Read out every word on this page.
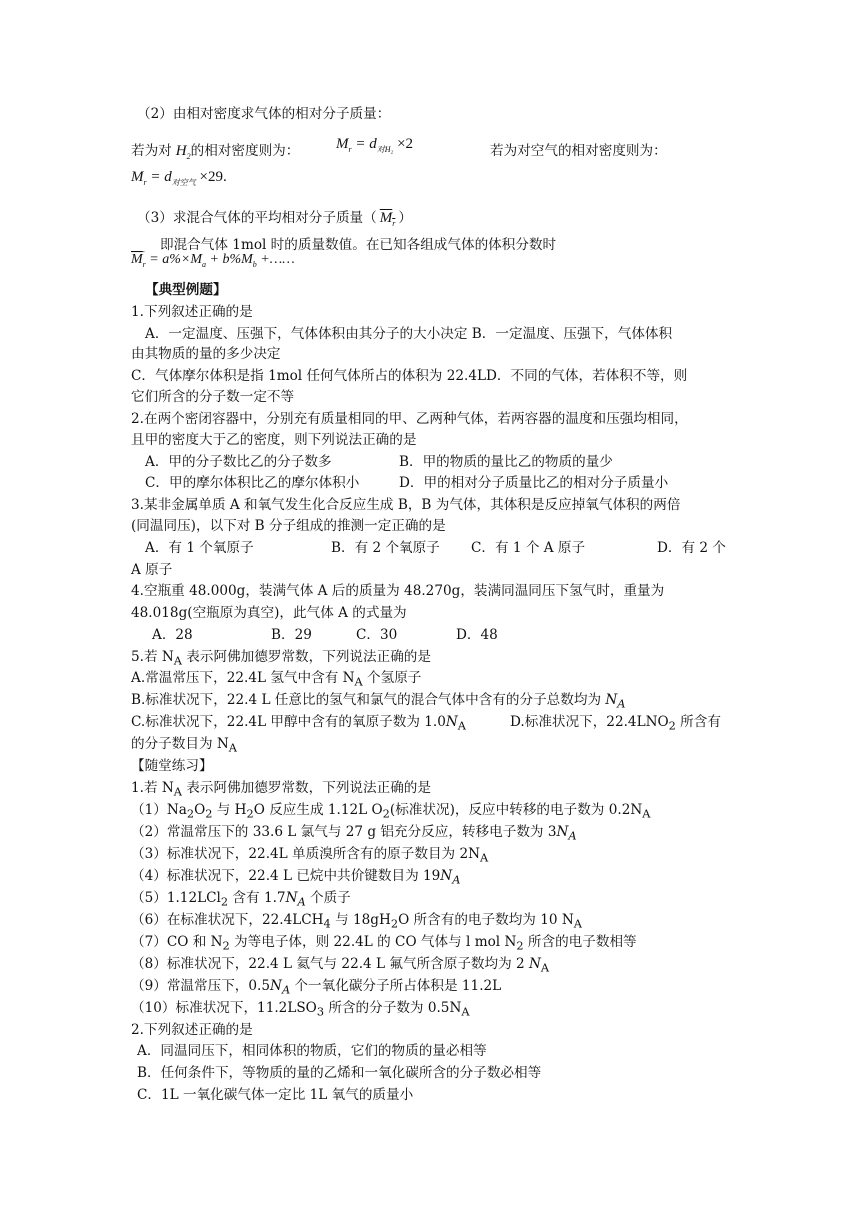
（2）由相对密度求气体的相对分子质量：
若为对 $H_2$的相对密度则为： $M_r = d_{对H_2} \times 2$	若为对空气的相对密度则为：
$M_r = d_{对空气} \times 29$.
（3）求混合气体的平均相对分子质量（ $M_r$ ）
__ 即混合气体 1mol 时的质量数值。在已知各组成气体的体积分数时
$\overline{M}_r = a\%\times M_a + b\%M_b$ +……
【典型例题】
1.下列叙述正确的是
A．一定温度、压强下，气体体积由其分子的大小决定 B．一定温度、压强下，气体体积
由其物质的量的多少决定
C．气体摩尔体积是指 1mol 任何气体所占的体积为 22.4LD．不同的气体，若体积不等，则
它们所含的分子数一定不等
2.在两个密闭容器中，分别充有质量相同的甲、乙两种气体，若两容器的温度和压强均相同，
且甲的密度大于乙的密度，则下列说法正确的是
A．甲的分子数比乙的分子数多	B．甲的物质的量比乙的物质的量少
C．甲的摩尔体积比乙的摩尔体积小	D．甲的相对分子质量比乙的相对分子质量小
3.某非金属单质 A 和氧气发生化合反应生成 B，B 为气体，其体积是反应掉氧气体积的两倍
(同温同压)，以下对 B 分子组成的推测一定正确的是
A．有 1 个氧原子	B．有 2 个氧原子 C．有 1 个 A 原子	D．有 2 个
A 原子
4.空瓶重 48.000g，装满气体 A 后的质量为 48.270g，装满同温同压下氢气时，重量为
48.018g(空瓶原为真空)，此气体 A 的式量为
A．28	B．29	C．30	D．48
5.若 $N_A$ 表示阿佛加德罗常数，下列说法正确的是
A.常温常压下，22.4L 氢气中含有 $N_A$ 个氢原子
B.标准状况下，22.4 L 任意比的氢气和氯气的混合气体中含有的分子总数均为 $N_A$
C.标准状况下，22.4L 甲醇中含有的氧原子数为 $1.0N_A$	D.标准状况下，$22.4LNO_2$ 所含有
的分子数目为 $N_A$
【随堂练习】
1.若 $N_A$ 表示阿佛加德罗常数，下列说法正确的是
$(1)Na_2O_2$ 与 $H_2O$ 反应生成 1.12L $O_2$(标准状况)，反应中转移的电子数为 $0.2N_A$
（2）常温常压下的 33.6 L 氯气与 27 g 铝充分反应，转移电子数为 $3N_A$
（3）标准状况下，22.4L 单质溴所含有的原子数目为 $2N_A$
（4）标准状况下，22.4 L 已烷中共价键数目为 $19N_A$
（5）1.12LCl$_2$ 含有 $1.7N_A$ 个质子
（6）在标准状况下，$22.4LCH_4$ 与 $18gH_2O$ 所含有的电子数均为 10 $N_A$
（7）CO 和 $N_2$ 为等电子体，则 22.4L 的 CO 气体与 l mol $N_2$ 所含的电子数相等
（8）标准状况下，22.4 L 氦气与 22.4 L 氟气所含原子数均为 2 $N_A$
（9）常温常压下，$0.5N_A$ 个一氧化碳分子所占体积是 11.2L
（10）标准状况下，$11.2LSO_3$ 所含的分子数为 $0.5N_A$
2.下列叙述正确的是
A．同温同压下，相同体积的物质，它们的物质的量必相等
B．任何条件下，等物质的量的乙烯和一氧化碳所含的分子数必相等
C．1L 一氧化碳气体一定比 1L 氧气的质量小
